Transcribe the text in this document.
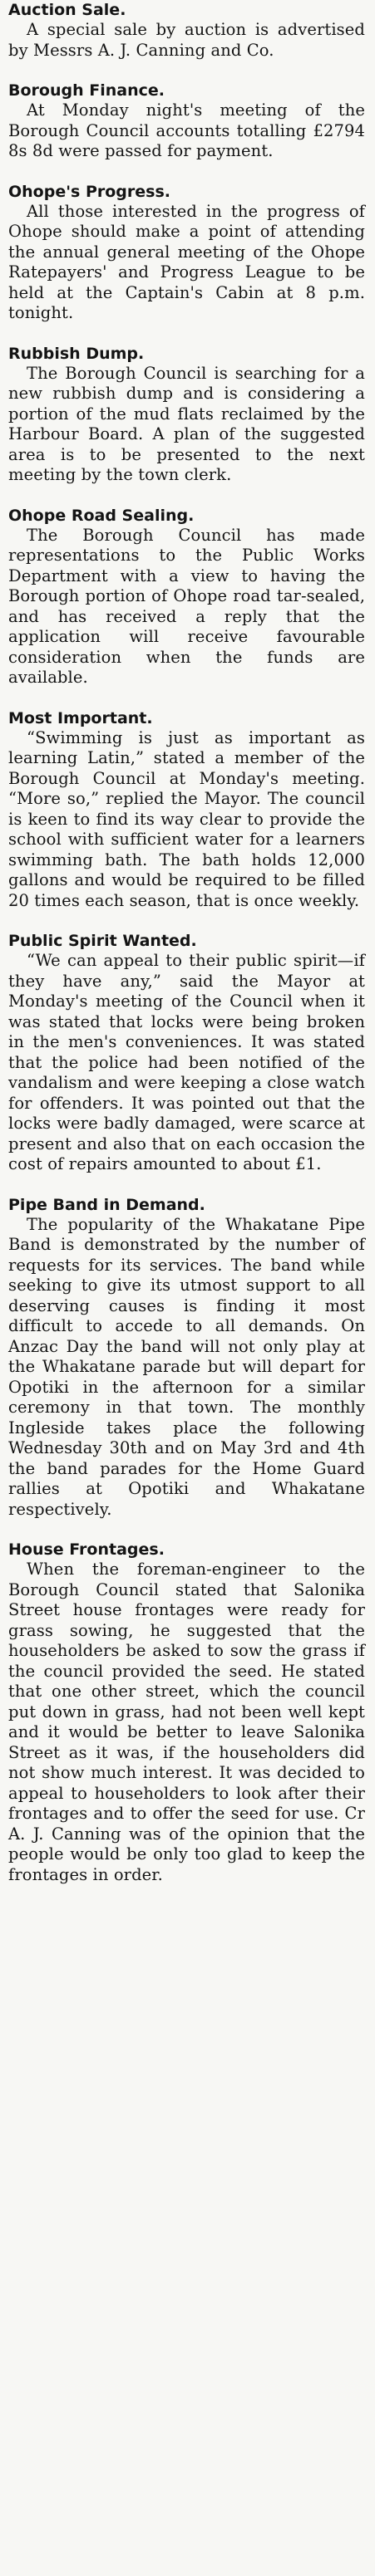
Auction Sale.

A special sale by auction is advertised by Messrs A. J. Canning and Co.

Borough Finance.

At Monday night's meeting of the Borough Council accounts totalling £2794 8s 8d were passed for payment.

Ohope's Progress.

All those interested in the progress of Ohope should make a point of attending the annual general meeting of the Ohope Ratepayers' and Progress League to be held at the Captain's Cabin at 8 p.m. tonight.

Rubbish Dump.

The Borough Council is searching for a new rubbish dump and is considering a portion of the mud flats reclaimed by the Harbour Board. A plan of the suggested area is to be presented to the next meeting by the town clerk.

Ohope Road Sealing.

The Borough Council has made representations to the Public Works Department with a view to having the Borough portion of Ohope road tar-sealed, and has received a reply that the application will receive favourable consideration when the funds are available.

Most Important.

“Swimming is just as important as learning Latin,” stated a member of the Borough Council at Monday's meeting. “More so,” replied the Mayor. The council is keen to find its way clear to provide the school with sufficient water for a learners swimming bath. The bath holds 12,000 gallons and would be required to be filled 20 times each season, that is once weekly.

Public Spirit Wanted.

“We can appeal to their public spirit—if they have any,” said the Mayor at Monday's meeting of the Council when it was stated that locks were being broken in the men's conveniences. It was stated that the police had been notified of the vandalism and were keeping a close watch for offenders. It was pointed out that the locks were badly damaged, were scarce at present and also that on each occasion the cost of repairs amounted to about £1.

Pipe Band in Demand.

The popularity of the Whakatane Pipe Band is demonstrated by the number of requests for its services. The band while seeking to give its utmost support to all deserving causes is finding it most difficult to accede to all demands. On Anzac Day the band will not only play at the Whakatane parade but will depart for Opotiki in the afternoon for a similar ceremony in that town. The monthly Ingleside takes place the following Wednesday 30th and on May 3rd and 4th the band parades for the Home Guard rallies at Opotiki and Whakatane respectively.

House Frontages.

When the foreman-engineer to the Borough Council stated that Salonika Street house frontages were ready for grass sowing, he suggested that the householders be asked to sow the grass if the council provided the seed. He stated that one other street, which the council put down in grass, had not been well kept and it would be better to leave Salonika Street as it was, if the householders did not show much interest. It was decided to appeal to householders to look after their frontages and to offer the seed for use. Cr A. J. Canning was of the opinion that the people would be only too glad to keep the frontages in order.
